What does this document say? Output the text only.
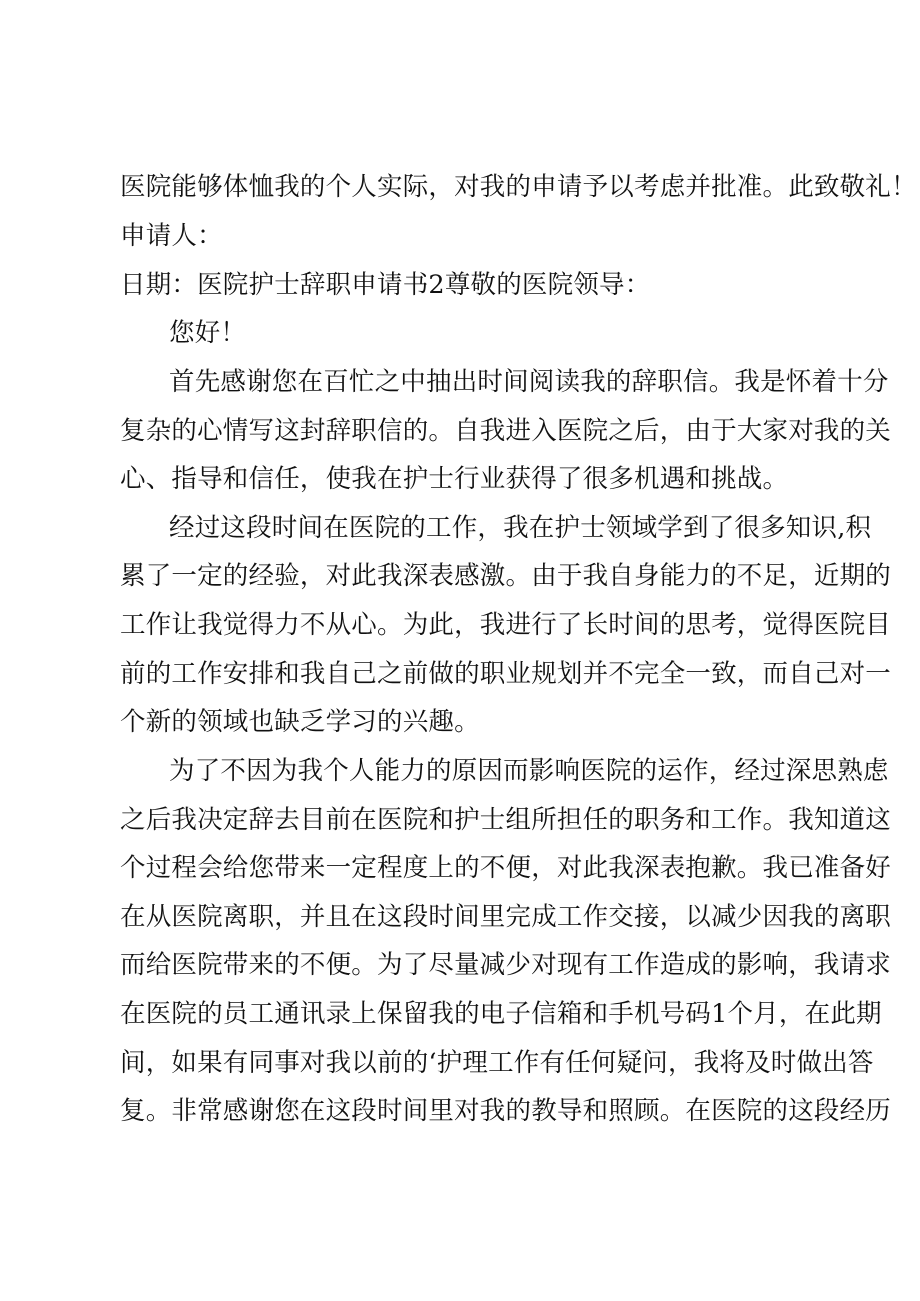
医院能够体恤我的个人实际，对我的申请予以考虑并批准。此致敬礼！
申请人：
日期：医院护士辞职申请书2尊敬的医院领导：
您好！
首先感谢您在百忙之中抽出时间阅读我的辞职信。我是怀着十分
复杂的心情写这封辞职信的。自我进入医院之后，由于大家对我的关
心、指导和信任，使我在护士行业获得了很多机遇和挑战。
经过这段时间在医院的工作，我在护士领域学到了很多知识,积
累了一定的经验，对此我深表感激。由于我自身能力的不足，近期的
工作让我觉得力不从心。为此，我进行了长时间的思考，觉得医院目
前的工作安排和我自己之前做的职业规划并不完全一致，而自己对一
个新的领域也缺乏学习的兴趣。
为了不因为我个人能力的原因而影响医院的运作，经过深思熟虑
之后我决定辞去目前在医院和护士组所担任的职务和工作。我知道这
个过程会给您带来一定程度上的不便，对此我深表抱歉。我已准备好
在从医院离职，并且在这段时间里完成工作交接，以减少因我的离职
而给医院带来的不便。为了尽量减少对现有工作造成的影响，我请求
在医院的员工通讯录上保留我的电子信箱和手机号码1个月，在此期
间，如果有同事对我以前的‘护理工作有任何疑问，我将及时做出答
复。非常感谢您在这段时间里对我的教导和照顾。在医院的这段经历
